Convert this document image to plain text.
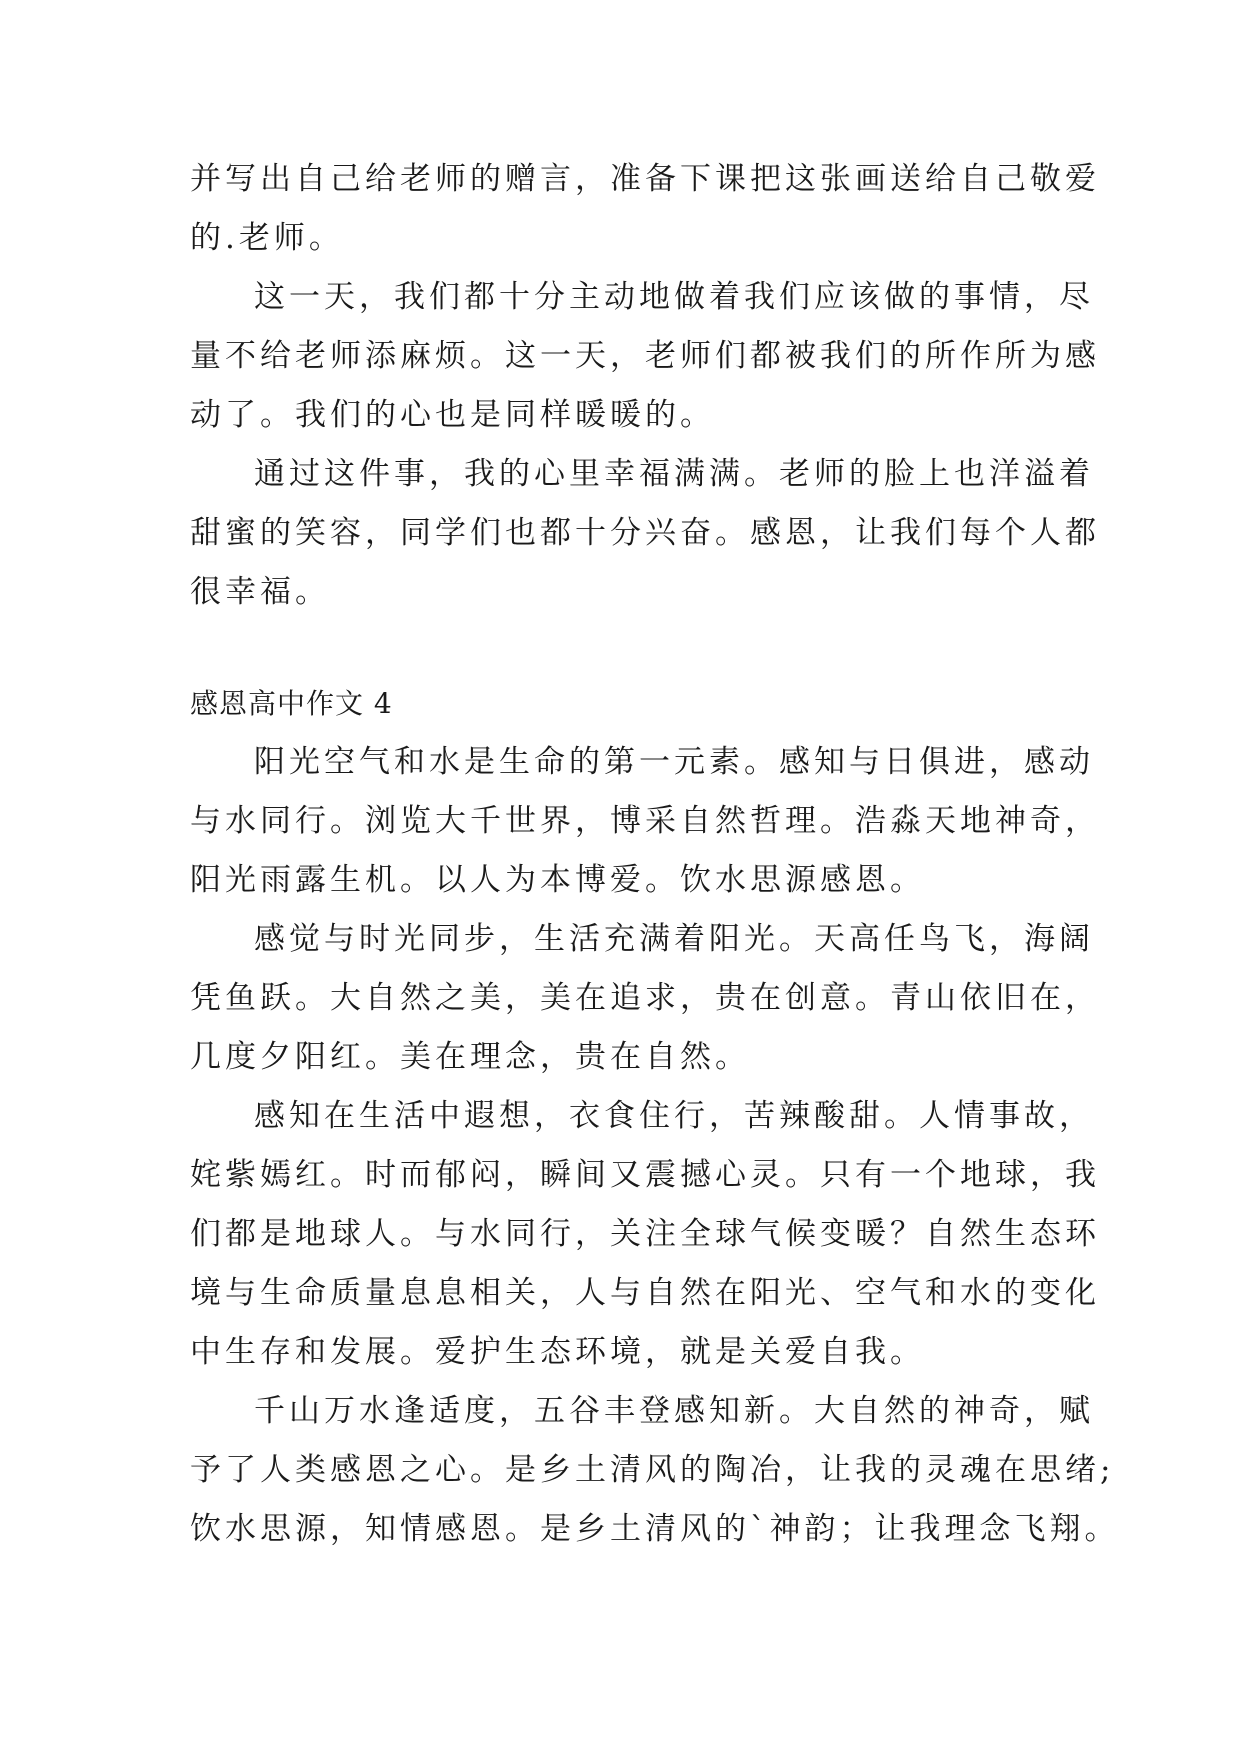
并写出自己给老师的赠言，准备下课把这张画送给自己敬爱
的.老师。
这一天，我们都十分主动地做着我们应该做的事情，尽
量不给老师添麻烦。这一天，老师们都被我们的所作所为感
动了。我们的心也是同样暖暖的。
通过这件事，我的心里幸福满满。老师的脸上也洋溢着
甜蜜的笑容，同学们也都十分兴奋。感恩，让我们每个人都
很幸福。
感恩高中作文 4
阳光空气和水是生命的第一元素。感知与日俱进，感动
与水同行。浏览大千世界，博采自然哲理。浩淼天地神奇，
阳光雨露生机。以人为本博爱。饮水思源感恩。
感觉与时光同步，生活充满着阳光。天高任鸟飞，海阔
凭鱼跃。大自然之美，美在追求，贵在创意。青山依旧在，
几度夕阳红。美在理念，贵在自然。
感知在生活中遐想，衣食住行，苦辣酸甜。人情事故，
姹紫嫣红。时而郁闷，瞬间又震撼心灵。只有一个地球，我
们都是地球人。与水同行，关注全球气候变暖？自然生态环
境与生命质量息息相关，人与自然在阳光、空气和水的变化
中生存和发展。爱护生态环境，就是关爱自我。
千山万水逢适度，五谷丰登感知新。大自然的神奇，赋
予了人类感恩之心。是乡土清风的陶冶，让我的灵魂在思绪;
饮水思源，知情感恩。是乡土清风的`神韵；让我理念飞翔。
